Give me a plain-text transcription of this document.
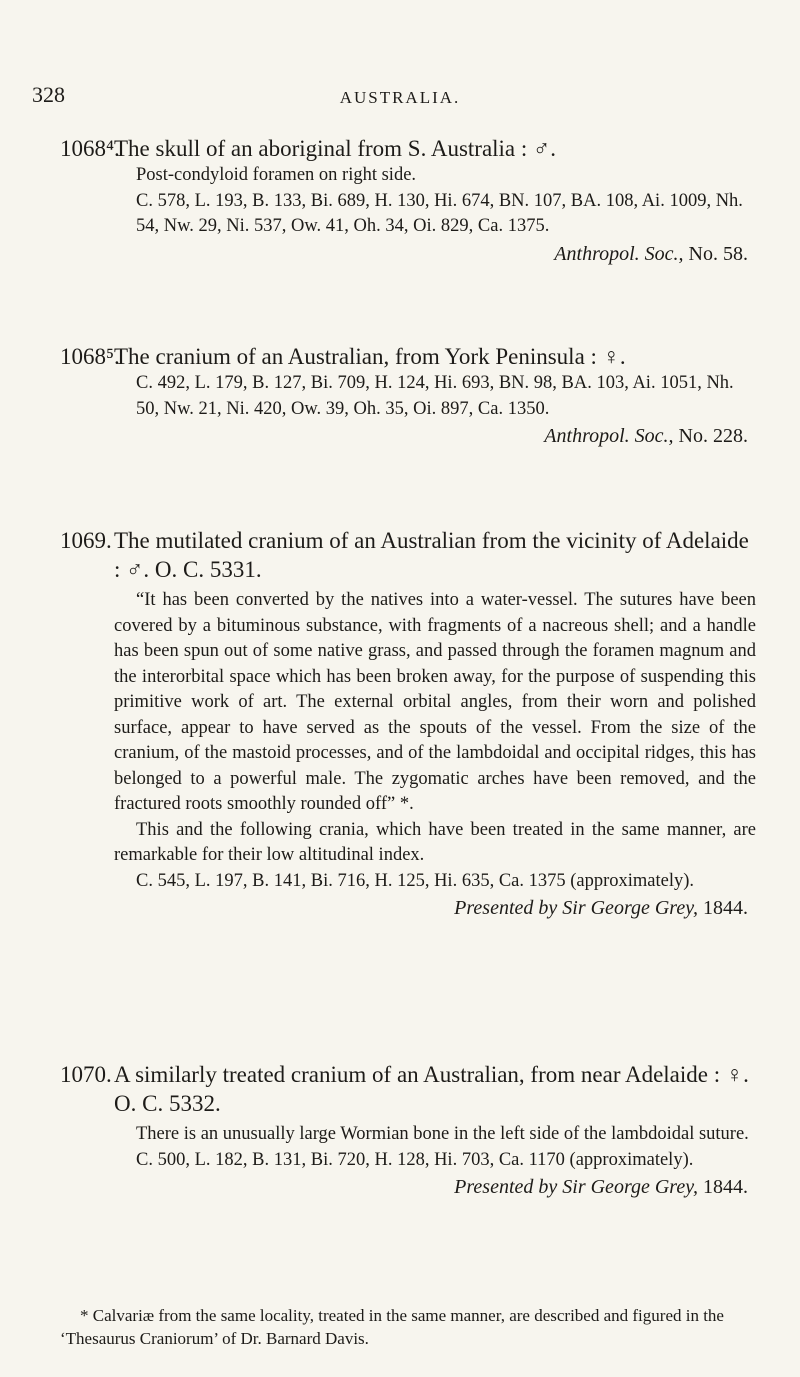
328	AUSTRALIA.
1068⁴.The skull of an aboriginal from S. Australia : ♂.

Post-condyloid foramen on right side.

C. 578, L. 193, B. 133, Bi. 689, H. 130, Hi. 674, BN. 107, BA. 108, Ai. 1009, Nh. 54, Nw. 29, Ni. 537, Ow. 41, Oh. 34, Oi. 829, Ca. 1375.

Anthropol. Soc., No. 58.
1068⁵.The cranium of an Australian, from York Peninsula : ♀.

C. 492, L. 179, B. 127, Bi. 709, H. 124, Hi. 693, BN. 98, BA. 103, Ai. 1051, Nh. 50, Nw. 21, Ni. 420, Ow. 39, Oh. 35, Oi. 897, Ca. 1350.

Anthropol. Soc., No. 228.
1069.The mutilated cranium of an Australian from the vicinity of Adelaide : ♂. O. C. 5331.

“It has been converted by the natives into a water-vessel. The sutures have been covered by a bituminous substance, with fragments of a nacreous shell; and a handle has been spun out of some native grass, and passed through the foramen magnum and the interorbital space which has been broken away, for the purpose of suspending this primitive work of art. The external orbital angles, from their worn and polished surface, appear to have served as the spouts of the vessel. From the size of the cranium, of the mastoid processes, and of the lambdoidal and occipital ridges, this has belonged to a powerful male. The zygomatic arches have been removed, and the fractured roots smoothly rounded off” *.

This and the following crania, which have been treated in the same manner, are remarkable for their low altitudinal index.

C. 545, L. 197, B. 141, Bi. 716, H. 125, Hi. 635, Ca. 1375 (approximately).

Presented by Sir George Grey, 1844.
1070.A similarly treated cranium of an Australian, from near Adelaide : ♀. O. C. 5332.

There is an unusually large Wormian bone in the left side of the lambdoidal suture.

C. 500, L. 182, B. 131, Bi. 720, H. 128, Hi. 703, Ca. 1170 (approximately).

Presented by Sir George Grey, 1844.
* Calvariæ from the same locality, treated in the same manner, are described and figured in the ‘Thesaurus Craniorum’ of Dr. Barnard Davis.
